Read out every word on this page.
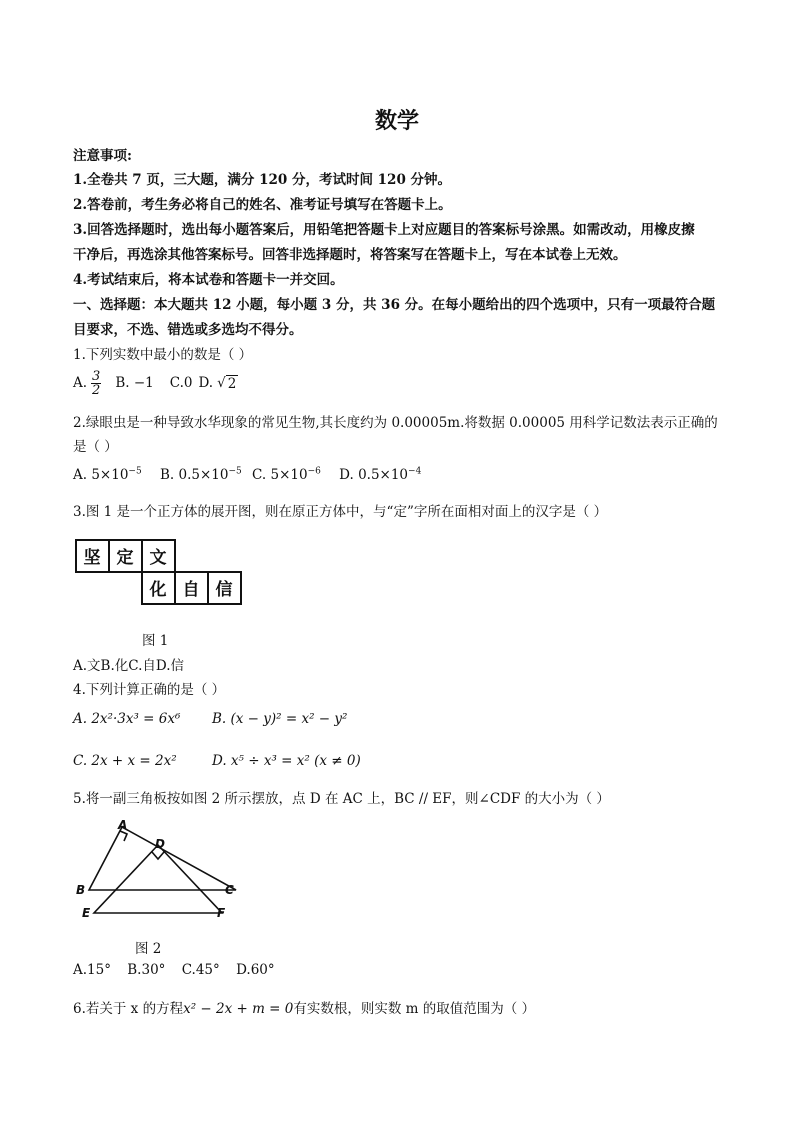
数学
注意事项:
1.全卷共 7 页，三大题，满分 120 分，考试时间 120 分钟。
2.答卷前，考生务必将自己的姓名、准考证号填写在答题卡上。
3.回答选择题时，选出每小题答案后，用铅笔把答题卡上对应题目的答案标号涂黑。如需改动，用橡皮擦
干净后，再选涂其他答案标号。回答非选择题时，将答案写在答题卡上，写在本试卷上无效。
4.考试结束后，将本试卷和答题卡一并交回。
一、选择题：本大题共 12 小题，每小题 3 分，共 36 分。在每小题给出的四个选项中，只有一项最符合题
目要求，不选、错选或多选均不得分。
1.下列实数中最小的数是（ ）
A. $\frac{3}{2} B$. −1 C.0 D. √ 2
2.绿眼虫是一种导致水华现象的常见生物,其长度约为 0.00005m.将数据 0.00005 用科学记数法表示正确的
是（ ）
A. $5\times 10^{-5}$ B. $0.5\times 10^{-5}$ C. $5\times 10^{-6}$ D. $0.5\times 10^{-4}$
3.图 1 是一个正方体的展开图，则在原正方体中，与“定”字所在面相对面上的汉字是（ ）
坚 定 文
化 自 信
图 1
A.文B.化C.自D.信
4.下列计算正确的是（ ）
A. 2x²·3x³ = 6x⁶ B. (x − y)² = x² − y²
C. 2x + x = 2x²	D. x⁵ ÷ x³ = x² (x ≠ 0)
5.将一副三角板按如图 2 所示摆放，点 D 在 AC 上，BC // EF，则∠CDF 的大小为（ ）
A
D
B	C
E	F
图 2
A.15° B.30° C.45° D.60°
6.若关于 x 的方程x² − 2x + m = 0有实数根，则实数 m 的取值范围为（ ）
